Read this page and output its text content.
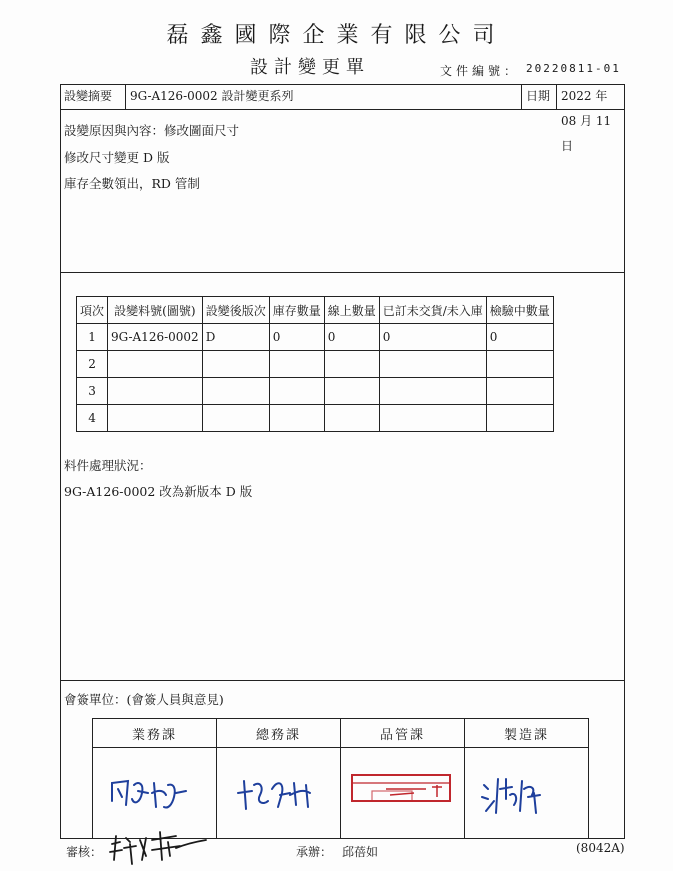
磊鑫國際企業有限公司
設計變更單	文件編號： 20220811-01
設變摘要	9G-A126-0002 設計變更系列	日期 2022 年 08 月 11 日
設變原因與內容：修改圖面尺寸
修改尺寸變更 D 版
庫存全數領出，RD 管制
項次	設變料號(圖號)	設變後版次	庫存數量	線上數量	已訂未交貨/未入庫	檢驗中數量
1	9G-A126-0002	D	0	0	0	0
2						
3						
4						
料件處理狀況：
9G-A126-0002 改為新版本 D 版
會簽單位：(會簽人員與意見)
業務課	總務課	品管課	製造課

審核：	承辦： 邱蓓如	(8042A)
